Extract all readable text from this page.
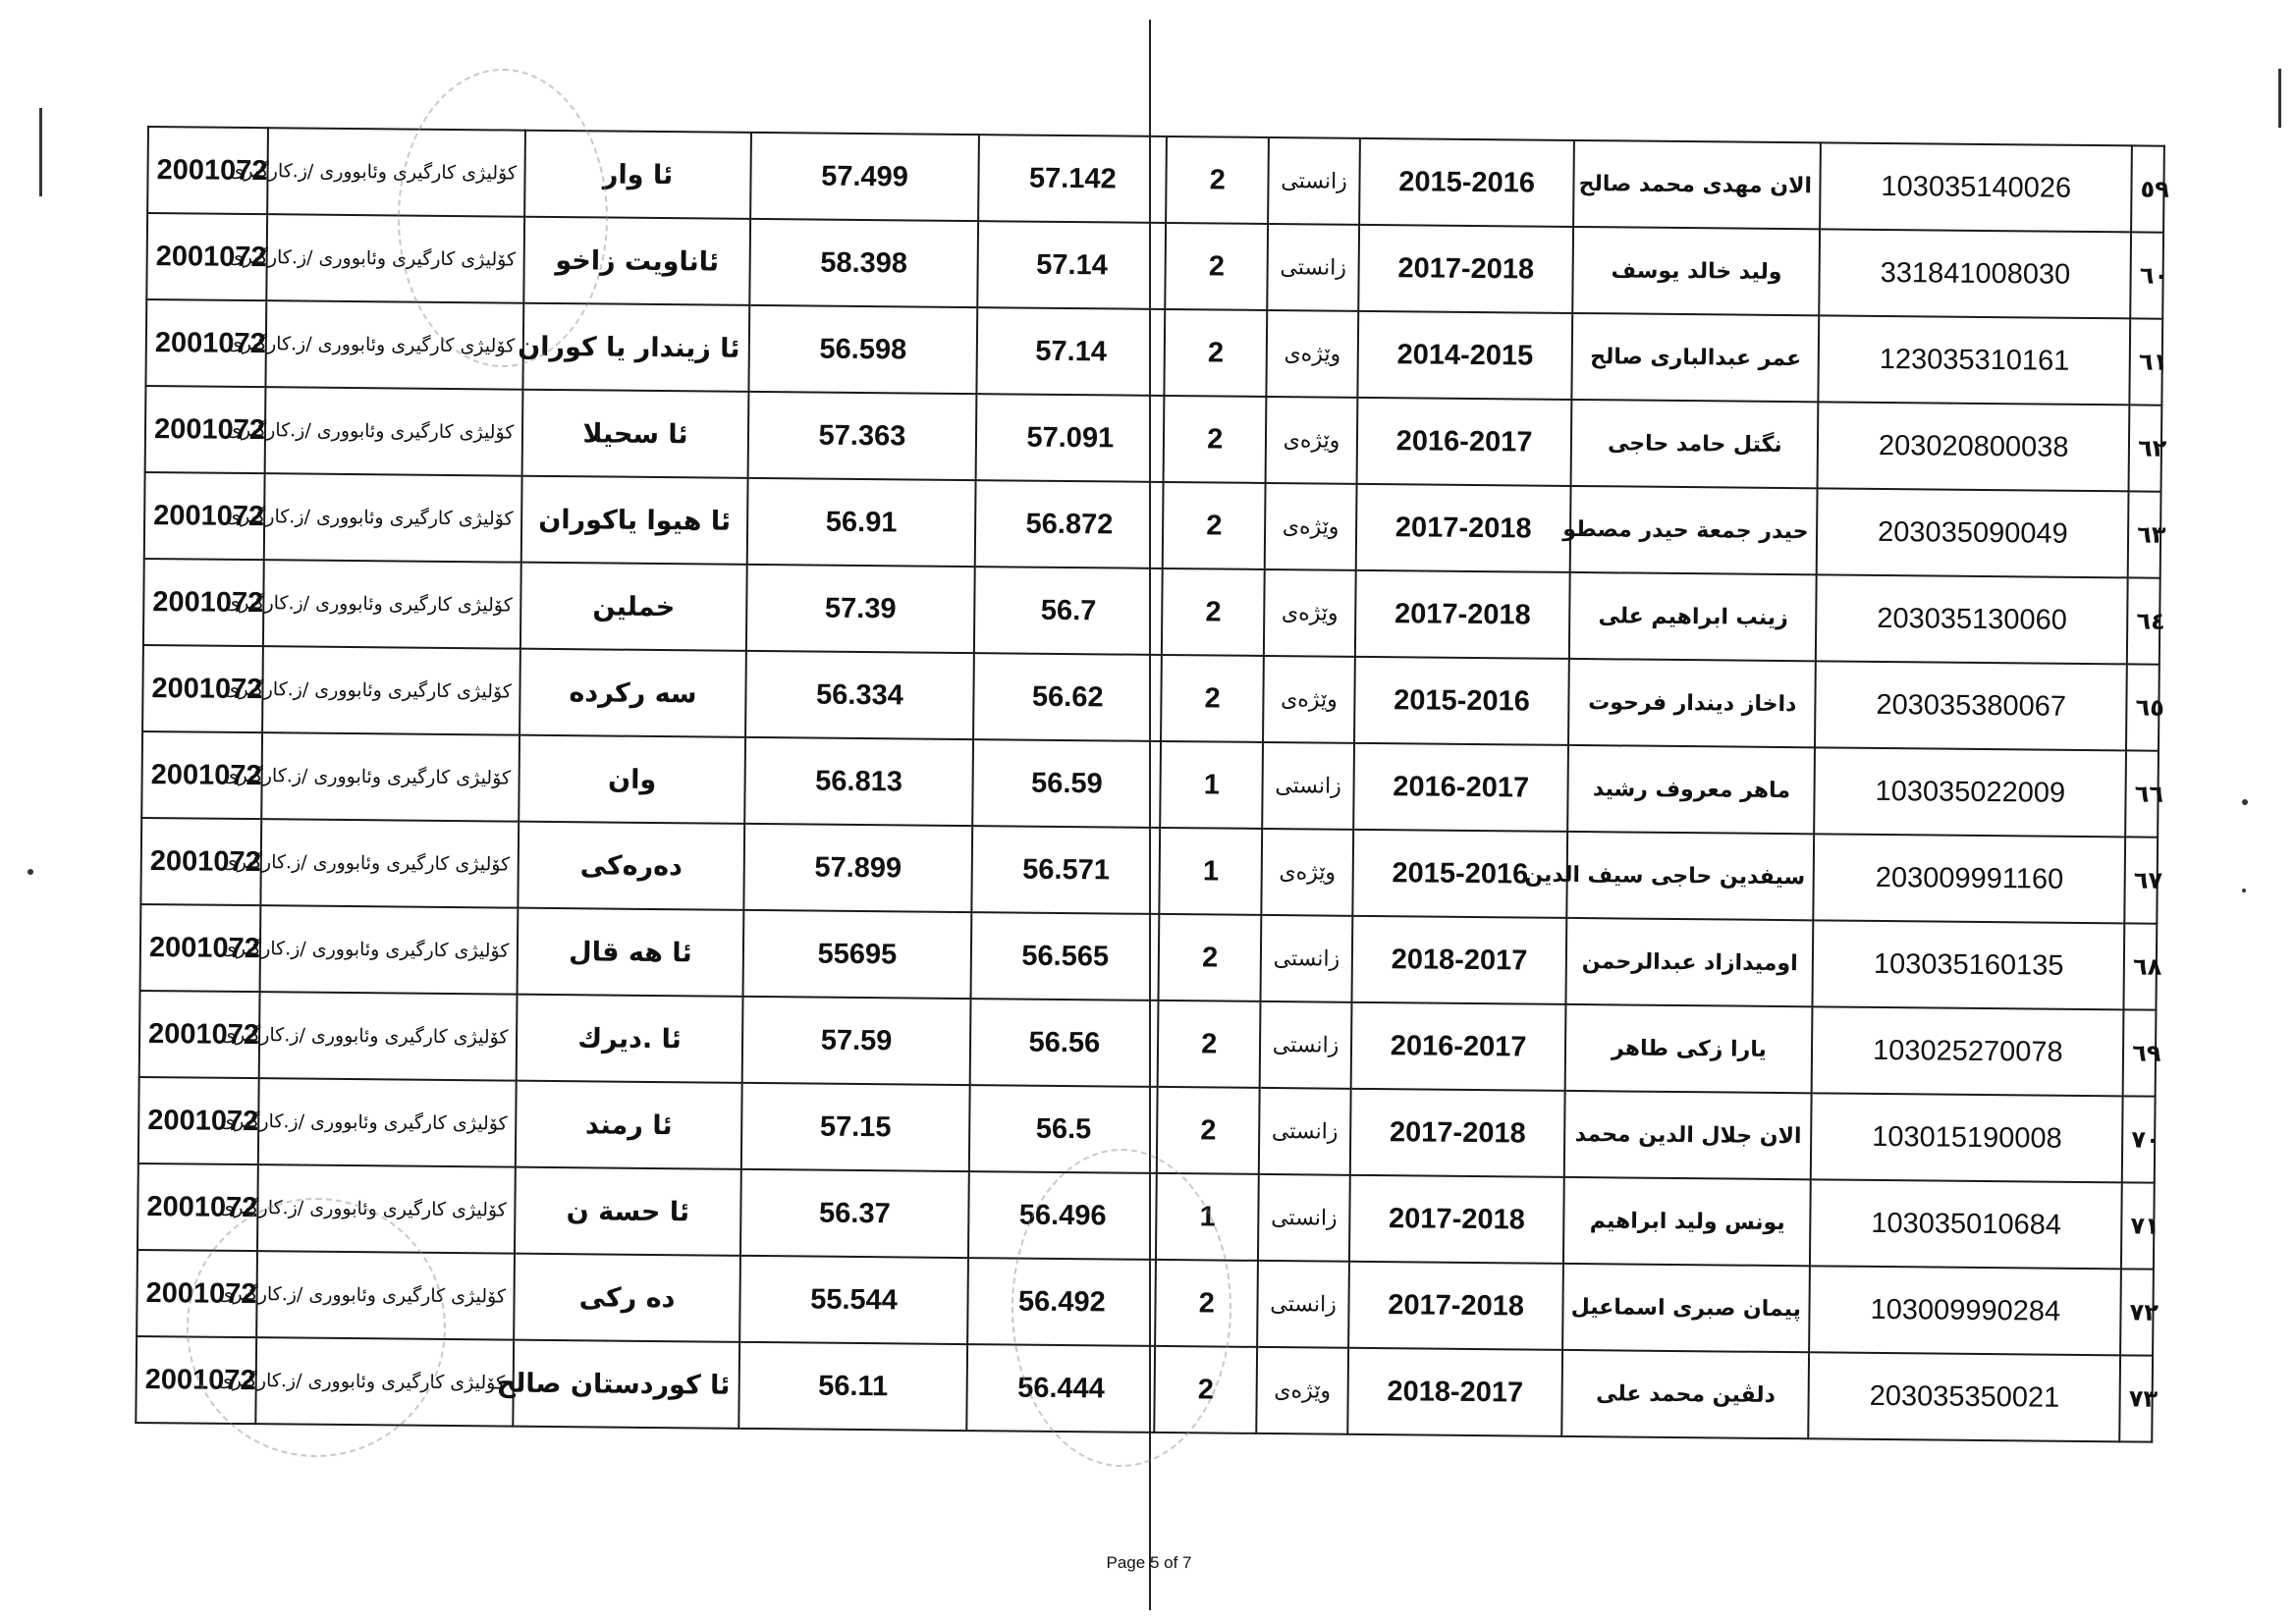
2001072	کۆلیژی کارگیری وئابووری /ز.کارگیری	ئا وار	57.499	57.142	2	زانستی	2015-2016	الان مهدی محمد صالح	103035140026	٥٩
2001072	کۆلیژی کارگیری وئابووری /ز.کارگیری	ئاناویت زاخو	58.398	57.14	2	زانستی	2017-2018	ولید خالد یوسف	331841008030	٦٠
2001072	کۆلیژی کارگیری وئابووری /ز.کارگیری	ئا زیندار یا کوران	56.598	57.14	2	وێژەی	2014-2015	عمر عبدالباری صالح	123035310161	٦١
2001072	کۆلیژی کارگیری وئابووری /ز.کارگیری	ئا سحیلا	57.363	57.091	2	وێژەی	2016-2017	نگتل حامد حاجی	203020800038	٦٢
2001072	کۆلیژی کارگیری وئابووری /ز.کارگیری	ئا هیوا یاکوران	56.91	56.872	2	وێژەی	2017-2018	حیدر جمعة حیدر مصطو	203035090049	٦٣
2001072	کۆلیژی کارگیری وئابووری /ز.کارگیری	خملین	57.39	56.7	2	وێژەی	2017-2018	زینب ابراهیم علی	203035130060	٦٤
2001072	کۆلیژی کارگیری وئابووری /ز.کارگیری	سه رکرده	56.334	56.62	2	وێژەی	2015-2016	داخاز دیندار فرحوت	203035380067	٦٥
2001072	کۆلیژی کارگیری وئابووری /ز.کارگیری	وان	56.813	56.59	1	زانستی	2016-2017	ماهر معروف رشید	103035022009	٦٦
2001072	کۆلیژی کارگیری وئابووری /ز.کارگیری	دەرەکی	57.899	56.571	1	وێژەی	2015-2016	سیفدین حاجی سیف الدین	203009991160	٦٧
2001072	کۆلیژی کارگیری وئابووری /ز.کارگیری	ئا هه قال	55695	56.565	2	زانستی	2018-2017	اومیدازاد عبدالرحمن	103035160135	٦٨
2001072	کۆلیژی کارگیری وئابووری /ز.کارگیری	ئا .دیرك	57.59	56.56	2	زانستی	2016-2017	یارا زکی طاهر	103025270078	٦٩
2001072	کۆلیژی کارگیری وئابووری /ز.کارگیری	ئا رمند	57.15	56.5	2	زانستی	2017-2018	الان جلال الدین محمد	103015190008	٧٠
2001072	کۆلیژی کارگیری وئابووری /ز.کارگیری	ئا حسة ن	56.37	56.496	1	زانستی	2017-2018	یونس ولید ابراهیم	103035010684	٧١
2001072	کۆلیژی کارگیری وئابووری /ز.کارگیری	ده رکی	55.544	56.492	2	زانستی	2017-2018	پیمان صبری اسماعیل	103009990284	٧٢
2001072	کۆلیژی کارگیری وئابووری /ز.کارگیری	ئا کوردستان صالح	56.11	56.444	2	وێژەی	2018-2017	دلڤین محمد علی	203035350021	٧٣
Page 5 of 7
